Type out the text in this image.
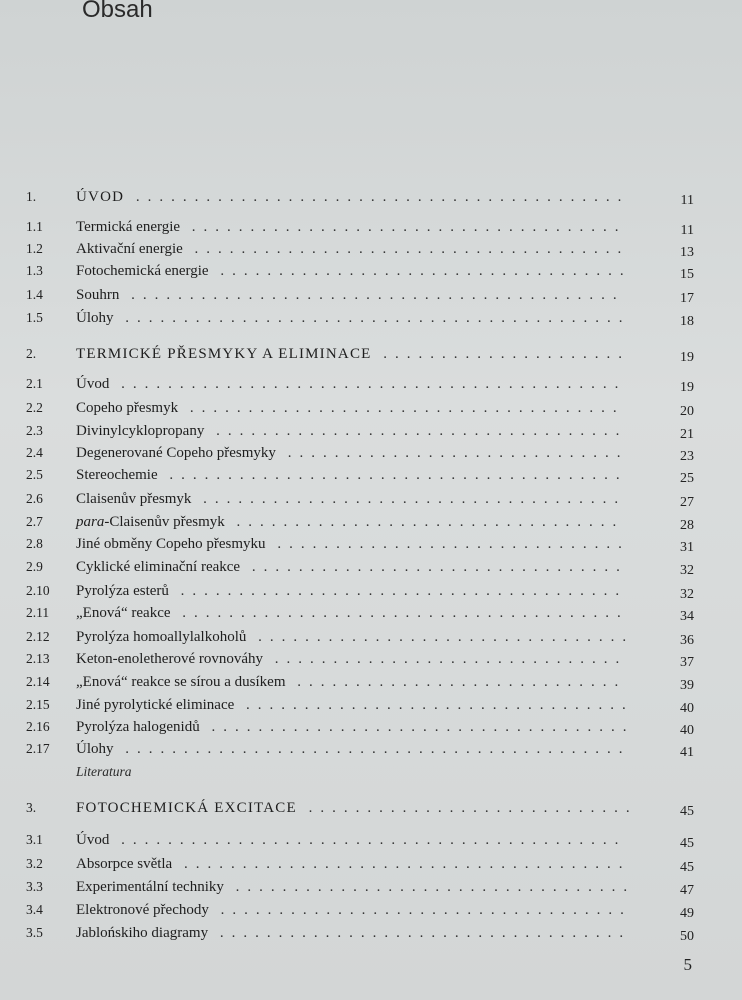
Obsah
1.	ÚVOD ..........................................	11
1.1 Termická energie .....................................	11
1.2 Aktivační energie .....................................	13
1.3 Fotochemická energie ...................................	15
1.4 Souhrn ..........................................	17
1.5 Úlohy ...........................................	18
2.	TERMICKÉ PŘESMYKY A ELIMINACE .....................	19
2.1 Úvod ...........................................	19
2.2 Copeho přesmyk .....................................	20
2.3 Divinylcyklopropany ...................................	21
2.4 Degenerované Copeho přesmyky .............................	23
2.5 Stereochemie .......................................	25
2.6 Claisenův přesmyk ....................................	27
2.7 para-Claisenův přesmyk .................................	28
2.8 Jiné obměny Copeho přesmyku ..............................	31
2.9 Cyklické eliminační reakce ................................	32
2.10 Pyrolýza esterů ......................................	32
2.11 „Enová“ reakce ......................................	34
2.12 Pyrolýza homoallylalkoholů ................................	36
2.13 Keton-enoletherové rovnováhy ..............................	37
2.14 „Enová“ reakce se sírou a dusíkem ............................	39
2.15 Jiné pyrolytické eliminace .................................	40
2.16 Pyrolýza halogenidů ....................................	40
2.17 Úlohy ...........................................	41
3.	FOTOCHEMICKÁ EXCITACE ............................	45
3.1 Úvod ...........................................	45
3.2 Absorpce světla ......................................	45
3.3 Experimentální techniky ..................................	47
3.4 Elektronové přechody ...................................	49
3.5 Jablońskiho diagramy ...................................	50
Literatura
5
